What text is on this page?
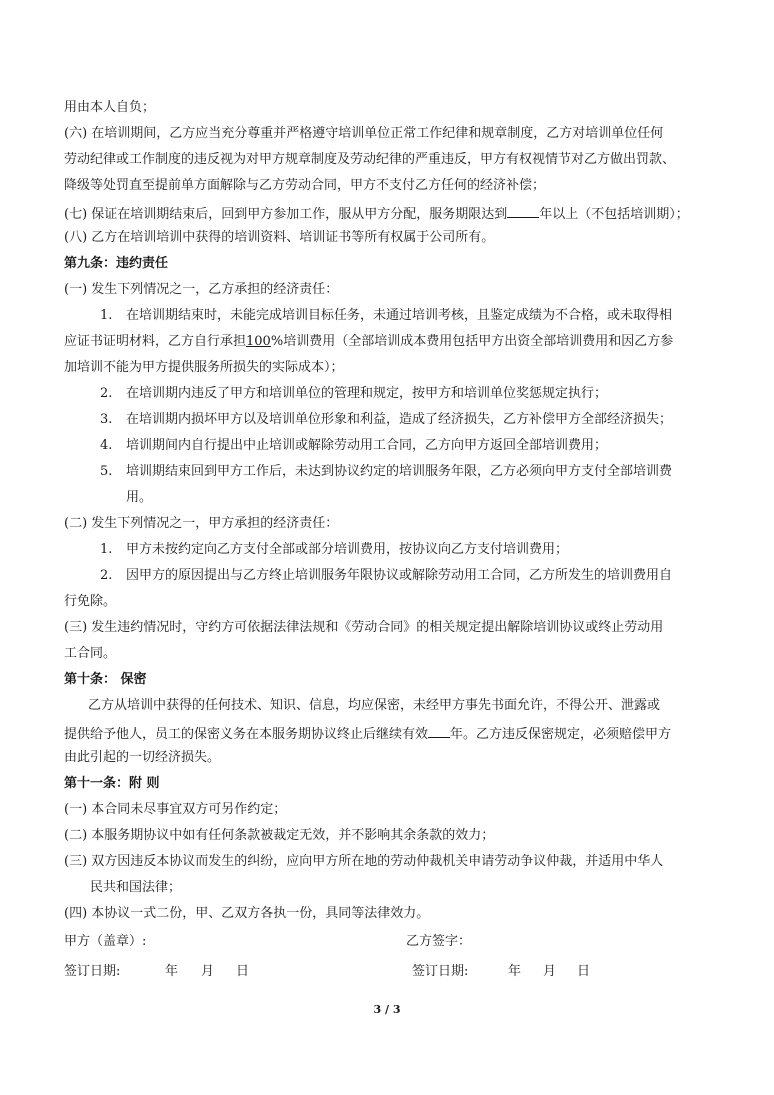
用由本人自负；
(六) 在培训期间，乙方应当充分尊重并严格遵守培训单位正常工作纪律和规章制度，乙方对培训单位任何
劳动纪律或工作制度的违反视为对甲方规章制度及劳动纪律的严重违反，甲方有权视情节对乙方做出罚款、
降级等处罚直至提前单方面解除与乙方劳动合同，甲方不支付乙方任何的经济补偿；
(七) 保证在培训期结束后，回到甲方参加工作，服从甲方分配，服务期限达到 年以上（不包括培训期）；
(八) 乙方在培训培训中获得的培训资料、培训证书等所有权属于公司所有。
第九条：违约责任
(一) 发生下列情况之一，乙方承担的经济责任：
1. 在培训期结束时，未能完成培训目标任务，未通过培训考核，且鉴定成绩为不合格，或未取得相
应证书证明材料，乙方自行承担100%培训费用（全部培训成本费用包括甲方出资全部培训费用和因乙方参
加培训不能为甲方提供服务所损失的实际成本）；
2. 在培训期内违反了甲方和培训单位的管理和规定，按甲方和培训单位奖惩规定执行；
3. 在培训期内损坏甲方以及培训单位形象和利益，造成了经济损失，乙方补偿甲方全部经济损失；
4. 培训期间内自行提出中止培训或解除劳动用工合同，乙方向甲方返回全部培训费用；
5. 培训期结束回到甲方工作后，未达到协议约定的培训服务年限，乙方必须向甲方支付全部培训费
用。
(二) 发生下列情况之一，甲方承担的经济责任：
1. 甲方未按约定向乙方支付全部或部分培训费用，按协议向乙方支付培训费用；
2. 因甲方的原因提出与乙方终止培训服务年限协议或解除劳动用工合同，乙方所发生的培训费用自
行免除。
(三) 发生违约情况时，守约方可依据法律法规和《劳动合同》的相关规定提出解除培训协议或终止劳动用
工合同。
第十条： 保密
乙方从培训中获得的任何技术、知识、信息，均应保密，未经甲方事先书面允许，不得公开、泄露或
提供给予他人，员工的保密义务在本服务期协议终止后继续有效 年。乙方违反保密规定，必须赔偿甲方
由此引起的一切经济损失。
第十一条：附 则
(一) 本合同未尽事宜双方可另作约定；
(二) 本服务期协议中如有任何条款被裁定无效，并不影响其余条款的效力；
(三) 双方因违反本协议而发生的纠纷，应向甲方所在地的劳动仲裁机关申请劳动争议仲裁，并适用中华人
民共和国法律；
(四) 本协议一式二份，甲、乙双方各执一份，具同等法律效力。
甲方（盖章）:	乙方签字：
签订日期:	年 月 日	签订日期:	年 月 日
3 / 3
